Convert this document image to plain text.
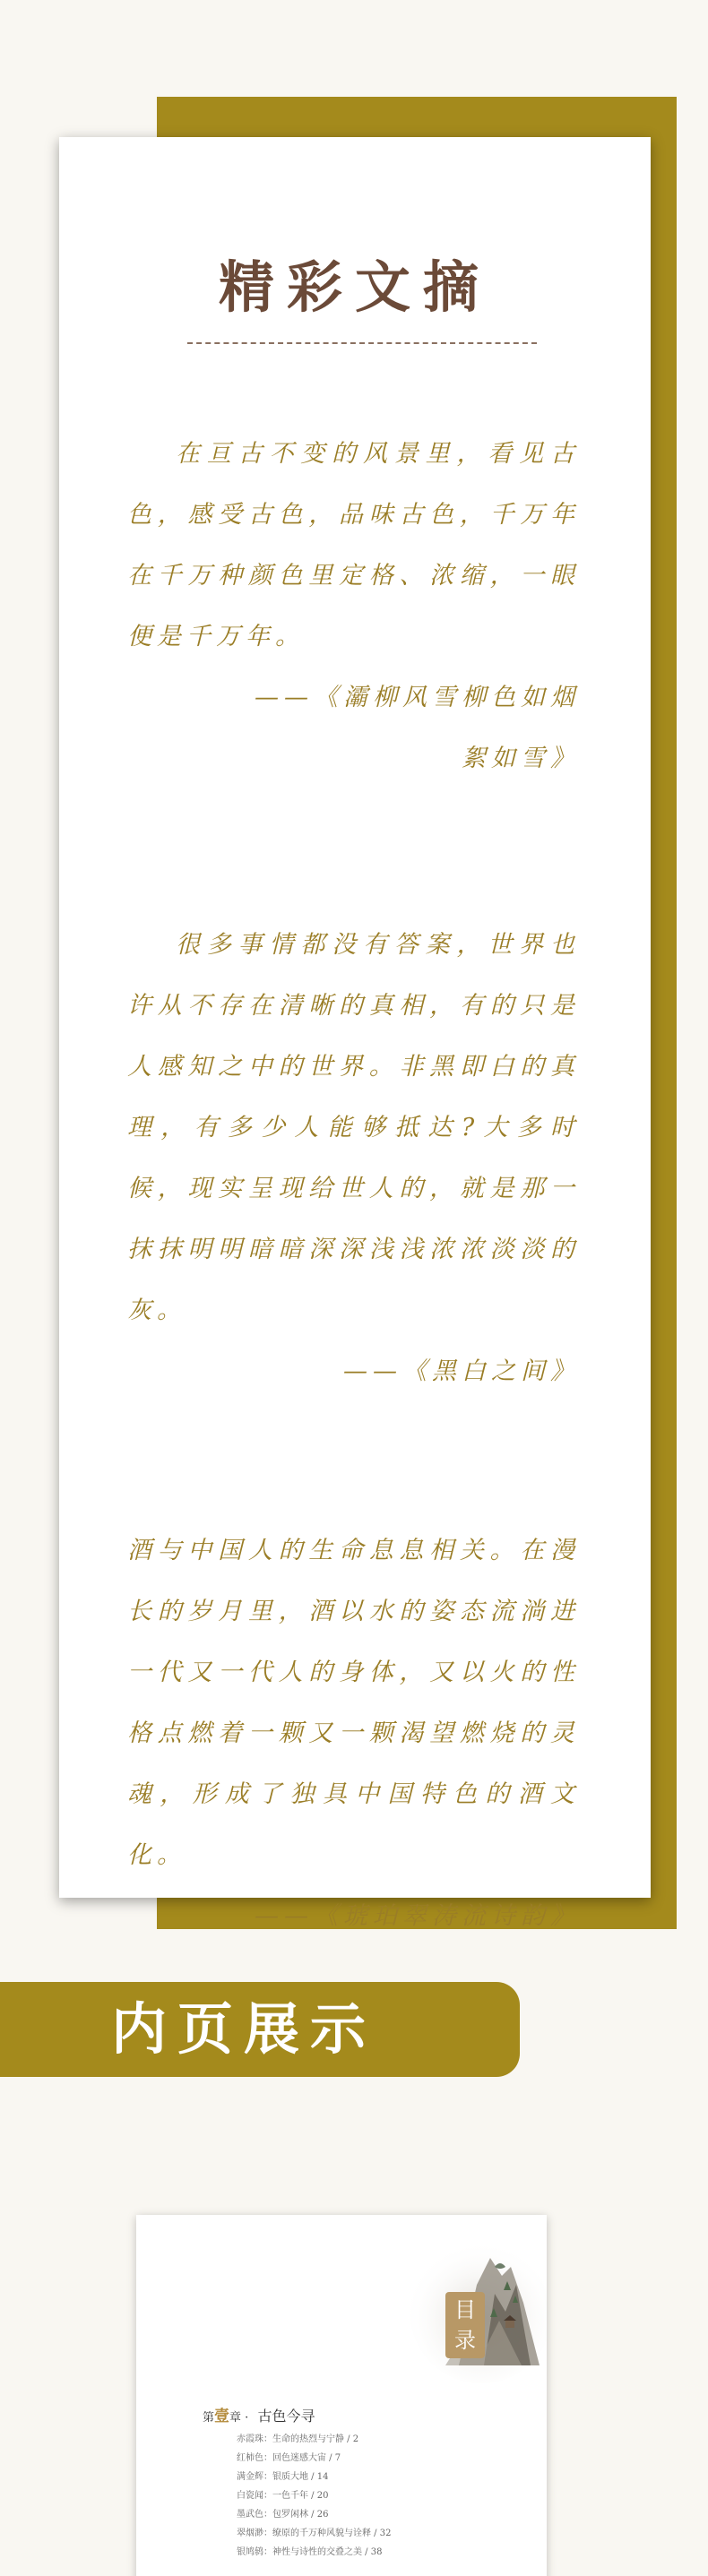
精彩文摘

在亘古不变的风景里，看见古色，感受古色，品味古色，千万年在千万种颜色里定格、浓缩，一眼便是千万年。

——《灞柳风雪柳色如烟絮如雪》

很多事情都没有答案，世界也许从不存在清晰的真相，有的只是人感知之中的世界。非黑即白的真理，有多少人能够抵达?大多时候，现实呈现给世人的，就是那一抹抹明明暗暗深深浅浅浓浓淡淡的灰。

——《黑白之间》

酒与中国人的生命息息相关。在漫长的岁月里，酒以水的姿态流淌进一代又一代人的身体，又以火的性格点燃着一颗又一颗渴望燃烧的灵魂，形成了独具中国特色的酒文化。

——《琥珀翠涛流诗韵》

内页展示
目录
第壹章 · 古色今寻
赤霞珠：生命的热烈与宁静 / 2
红柿色：回色迷感大宙 / 7
满金辉：银质大地 / 14
白瓷闻：一色千年 / 20
墨武色：包罗闲林 / 26
翠烟渺：缭原的千万种风貌与诠释 / 32
银鸠鸫：神性与诗性的交叠之美 / 38
